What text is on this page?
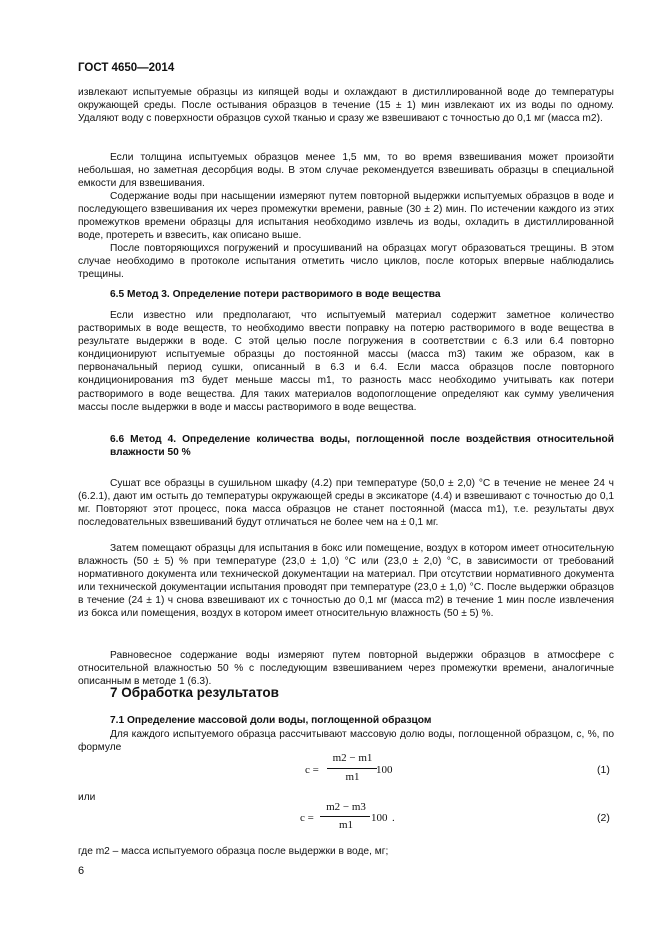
ГОСТ 4650—2014

извлекают испытуемые образцы из кипящей воды и охлаждают в дистиллированной воде до температуры окружающей среды. После остывания образцов в течение (15 ± 1) мин извлекают их из воды по одному. Удаляют воду с поверхности образцов сухой тканью и сразу же взвешивают с точностью до 0,1 мг (масса m2).

Если толщина испытуемых образцов менее 1,5 мм, то во время взвешивания может произойти небольшая, но заметная десорбция воды. В этом случае рекомендуется взвешивать образцы в специальной емкости для взвешивания.

Содержание воды при насыщении измеряют путем повторной выдержки испытуемых образцов в воде и последующего взвешивания их через промежутки времени, равные (30 ± 2) мин. По истечении каждого из этих промежутков времени образцы для испытания необходимо извлечь из воды, охладить в дистиллированной воде, протереть и взвесить, как описано выше.

После повторяющихся погружений и просушиваний на образцах могут образоваться трещины. В этом случае необходимо в протоколе испытания отметить число циклов, после которых впервые наблюдались трещины.

6.5 Метод 3. Определение потери растворимого в воде вещества

Если известно или предполагают, что испытуемый материал содержит заметное количество растворимых в воде веществ, то необходимо ввести поправку на потерю растворимого в воде вещества в результате выдержки в воде. С этой целью после погружения в соответствии с 6.3 или 6.4 повторно кондиционируют испытуемые образцы до постоянной массы (масса m3) таким же образом, как в первоначальный период сушки, описанный в 6.3 и 6.4. Если масса образцов после повторного кондиционирования m3 будет меньше массы m1, то разность масс необходимо учитывать как потери растворимого в воде вещества. Для таких материалов водопоглощение определяют как сумму увеличения массы после выдержки в воде и массы растворимого в воде вещества.

6.6 Метод 4. Определение количества воды, поглощенной после воздействия относительной влажности 50 %

Сушат все образцы в сушильном шкафу (4.2) при температуре (50,0 ± 2,0) °С в течение не менее 24 ч (6.2.1), дают им остыть до температуры окружающей среды в эксикаторе (4.4) и взвешивают с точностью до 0,1 мг. Повторяют этот процесс, пока масса образцов не станет постоянной (масса m1), т.е. результаты двух последовательных взвешиваний будут отличаться не более чем на ± 0,1 мг.

Затем помещают образцы для испытания в бокс или помещение, воздух в котором имеет относительную влажность (50 ± 5) % при температуре (23,0 ± 1,0) °С или (23,0 ± 2,0) °С, в зависимости от требований нормативного документа или технической документации на материал. При отсутствии нормативного документа или технической документации испытания проводят при температуре (23,0 ± 1,0) °С. После выдержки образцов в течение (24 ± 1) ч снова взвешивают их с точностью до 0,1 мг (масса m2) в течение 1 мин после извлечения из бокса или помещения, воздух в котором имеет относительную влажность (50 ± 5) %.

Равновесное содержание воды измеряют путем повторной выдержки образцов в атмосфере с относительной влажностью 50 % с последующим взвешиванием через промежутки времени, аналогичные описанным в методе 1 (6.3).

7 Обработка результатов

7.1 Определение массовой доли воды, поглощенной образцом

Для каждого испытуемого образца рассчитывают массовую долю воды, поглощенной образцом, c, %, по формуле

c =
m2 − m1
m1
100	(1)
или
c =
m2 − m3
m1
100 .	(2)

где m2 – масса испытуемого образца после выдержки в воде, мг;

6
